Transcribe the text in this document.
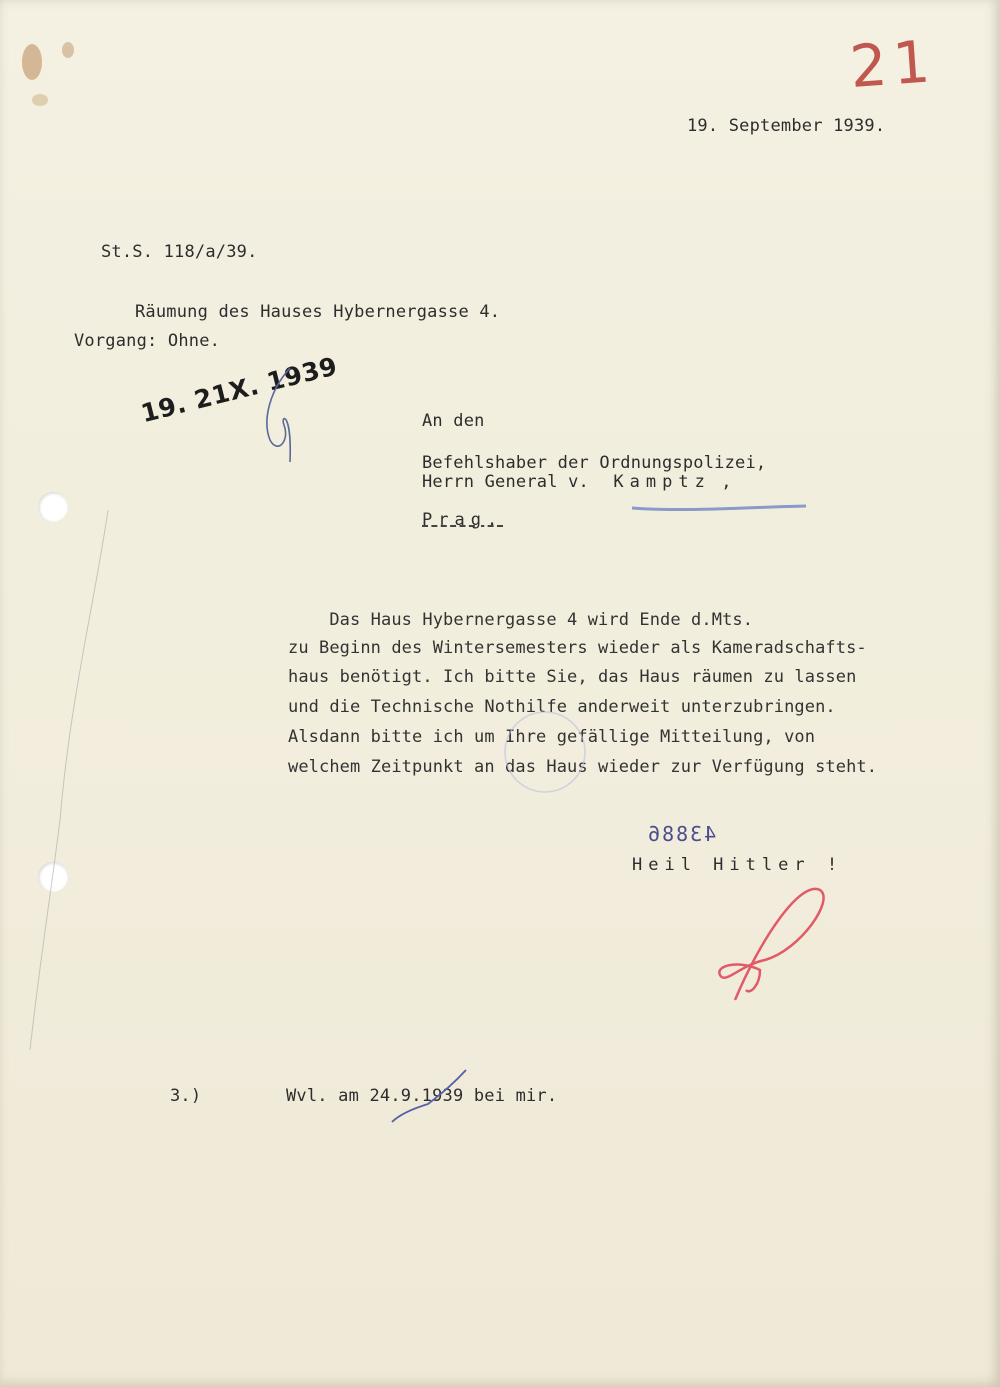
21
19. September 1939.
St.S. 118/a/39.
Räumung des Hauses Hybernergasse 4.
Vorgang: Ohne.
19. 21X. 1939	An den
Befehlshaber der Ordnungspolizei,
Herrn General v. Kamptz ,
Prag.
Das Haus Hybernergasse 4 wird Ende d.Mts.
zu Beginn des Wintersemesters wieder als Kameradschafts-
haus benötigt. Ich bitte Sie, das Haus räumen zu lassen
und die Technische Nothilfe anderweit unterzubringen.
Alsdann bitte ich um Ihre gefällige Mitteilung, von
welchem Zeitpunkt an das Haus wieder zur Verfügung steht.
43886
Heil Hitler !
3.)	Wvl. am 24.9.1939 bei mir.
